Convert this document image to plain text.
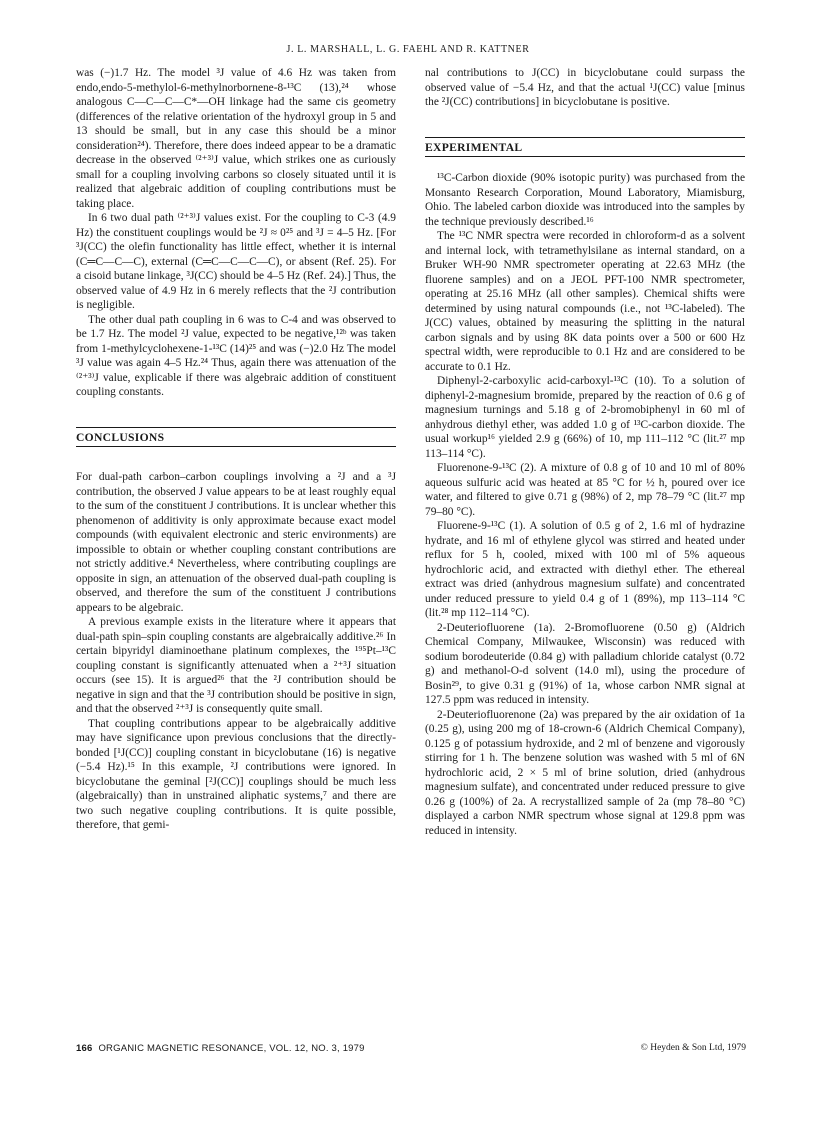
J. L. MARSHALL, L. G. FAEHL AND R. KATTNER

was (−)1.7 Hz. The model ³J value of 4.6 Hz was taken from endo,endo-5-methylol-6-methylnorbornene-8-¹³C (13),²⁴ whose analogous C—C—C—C*—OH linkage had the same cis geometry (differences of the relative orientation of the hydroxyl group in 5 and 13 should be small, but in any case this should be a minor consideration²⁴). Therefore, there does indeed appear to be a dramatic decrease in the observed ⁽²⁺³⁾J value, which strikes one as curiously small for a coupling involving carbons so closely situated until it is realized that algebraic addition of coupling contributions must be taking place.

In 6 two dual path ⁽²⁺³⁾J values exist. For the coupling to C-3 (4.9 Hz) the constituent couplings would be ²J ≈ 0²⁵ and ³J = 4–5 Hz. [For ³J(CC) the olefin functionality has little effect, whether it is internal (C═C—C—C), external (C═C—C—C—C), or absent (Ref. 25). For a cisoid butane linkage, ³J(CC) should be 4–5 Hz (Ref. 24).] Thus, the observed value of 4.9 Hz in 6 merely reflects that the ²J contribution is negligible.

The other dual path coupling in 6 was to C-4 and was observed to be 1.7 Hz. The model ²J value, expected to be negative,¹²ᵇ was taken from 1-methylcyclohexene-1-¹³C (14)²⁵ and was (−)2.0 Hz The model ³J value was again 4–5 Hz.²⁴ Thus, again there was attenuation of the ⁽²⁺³⁾J value, explicable if there was algebraic addition of constituent coupling constants.

CONCLUSIONS

For dual-path carbon–carbon couplings involving a ²J and a ³J contribution, the observed J value appears to be at least roughly equal to the sum of the constituent J contributions. It is unclear whether this phenomenon of additivity is only approximate because exact model compounds (with equivalent electronic and steric environments) are impossible to obtain or whether coupling constant contributions are not strictly additive.⁴ Nevertheless, where contributing couplings are opposite in sign, an attenuation of the observed dual-path coupling is observed, and therefore the sum of the constituent J contributions appears to be algebraic.

A previous example exists in the literature where it appears that dual-path spin–spin coupling constants are algebraically additive.²⁶ In certain bipyridyl diaminoethane platinum complexes, the ¹⁹⁵Pt–¹³C coupling constant is significantly attenuated when a ²⁺³J situation occurs (see 15). It is argued²⁶ that the ²J contribution should be negative in sign and that the ³J contribution should be positive in sign, and that the observed ²⁺³J is consequently quite small.

That coupling contributions appear to be algebraically additive may have significance upon previous conclusions that the directly-bonded [¹J(CC)] coupling constant in bicyclobutane (16) is negative (−5.4 Hz).¹⁵ In this example, ²J contributions were ignored. In bicyclobutane the geminal [²J(CC)] couplings should be much less (algebraically) than in unstrained aliphatic systems,⁷ and there are two such negative coupling contributions. It is quite possible, therefore, that gemi-

nal contributions to J(CC) in bicyclobutane could surpass the observed value of −5.4 Hz, and that the actual ¹J(CC) value [minus the ²J(CC) contributions] in bicyclobutane is positive.

EXPERIMENTAL

¹³C-Carbon dioxide (90% isotopic purity) was purchased from the Monsanto Research Corporation, Mound Laboratory, Miamisburg, Ohio. The labeled carbon dioxide was introduced into the samples by the technique previously described.¹⁶

The ¹³C NMR spectra were recorded in chloroform-d as a solvent and internal lock, with tetramethylsilane as internal standard, on a Bruker WH-90 NMR spectrometer operating at 22.63 MHz (the fluorene samples) and on a JEOL PFT-100 NMR spectrometer, operating at 25.16 MHz (all other samples). Chemical shifts were determined by using natural compounds (i.e., not ¹³C-labeled). The J(CC) values, obtained by measuring the splitting in the natural carbon signals and by using 8K data points over a 500 or 600 Hz spectral width, were reproducible to 0.1 Hz and are considered to be accurate to 0.1 Hz.

Diphenyl-2-carboxylic acid-carboxyl-¹³C (10). To a solution of diphenyl-2-magnesium bromide, prepared by the reaction of 0.6 g of magnesium turnings and 5.18 g of 2-bromobiphenyl in 60 ml of anhydrous diethyl ether, was added 1.0 g of ¹³C-carbon dioxide. The usual workup¹⁶ yielded 2.9 g (66%) of 10, mp 111–112 °C (lit.²⁷ mp 113–114 °C).

Fluorenone-9-¹³C (2). A mixture of 0.8 g of 10 and 10 ml of 80% aqueous sulfuric acid was heated at 85 °C for ½ h, poured over ice water, and filtered to give 0.71 g (98%) of 2, mp 78–79 °C (lit.²⁷ mp 79–80 °C).

Fluorene-9-¹³C (1). A solution of 0.5 g of 2, 1.6 ml of hydrazine hydrate, and 16 ml of ethylene glycol was stirred and heated under reflux for 5 h, cooled, mixed with 100 ml of 5% aqueous hydrochloric acid, and extracted with diethyl ether. The ethereal extract was dried (anhydrous magnesium sulfate) and concentrated under reduced pressure to yield 0.4 g of 1 (89%), mp 113–114 °C (lit.²⁸ mp 112–114 °C).

2-Deuteriofluorene (1a). 2-Bromofluorene (0.50 g) (Aldrich Chemical Company, Milwaukee, Wisconsin) was reduced with sodium borodeuteride (0.84 g) with palladium chloride catalyst (0.72 g) and methanol-O-d solvent (14.0 ml), using the procedure of Bosin²⁹, to give 0.31 g (91%) of 1a, whose carbon NMR signal at 127.5 ppm was reduced in intensity.

2-Deuteriofluorenone (2a) was prepared by the air oxidation of 1a (0.25 g), using 200 mg of 18-crown-6 (Aldrich Chemical Company), 0.125 g of potassium hydroxide, and 2 ml of benzene and vigorously stirring for 1 h. The benzene solution was washed with 5 ml of 6N hydrochloric acid, 2 × 5 ml of brine solution, dried (anhydrous magnesium sulfate), and concentrated under reduced pressure to give 0.26 g (100%) of 2a. A recrystallized sample of 2a (mp 78–80 °C) displayed a carbon NMR spectrum whose signal at 129.8 ppm was reduced in intensity.

166 ORGANIC MAGNETIC RESONANCE, VOL. 12, NO. 3, 1979	© Heyden & Son Ltd, 1979
